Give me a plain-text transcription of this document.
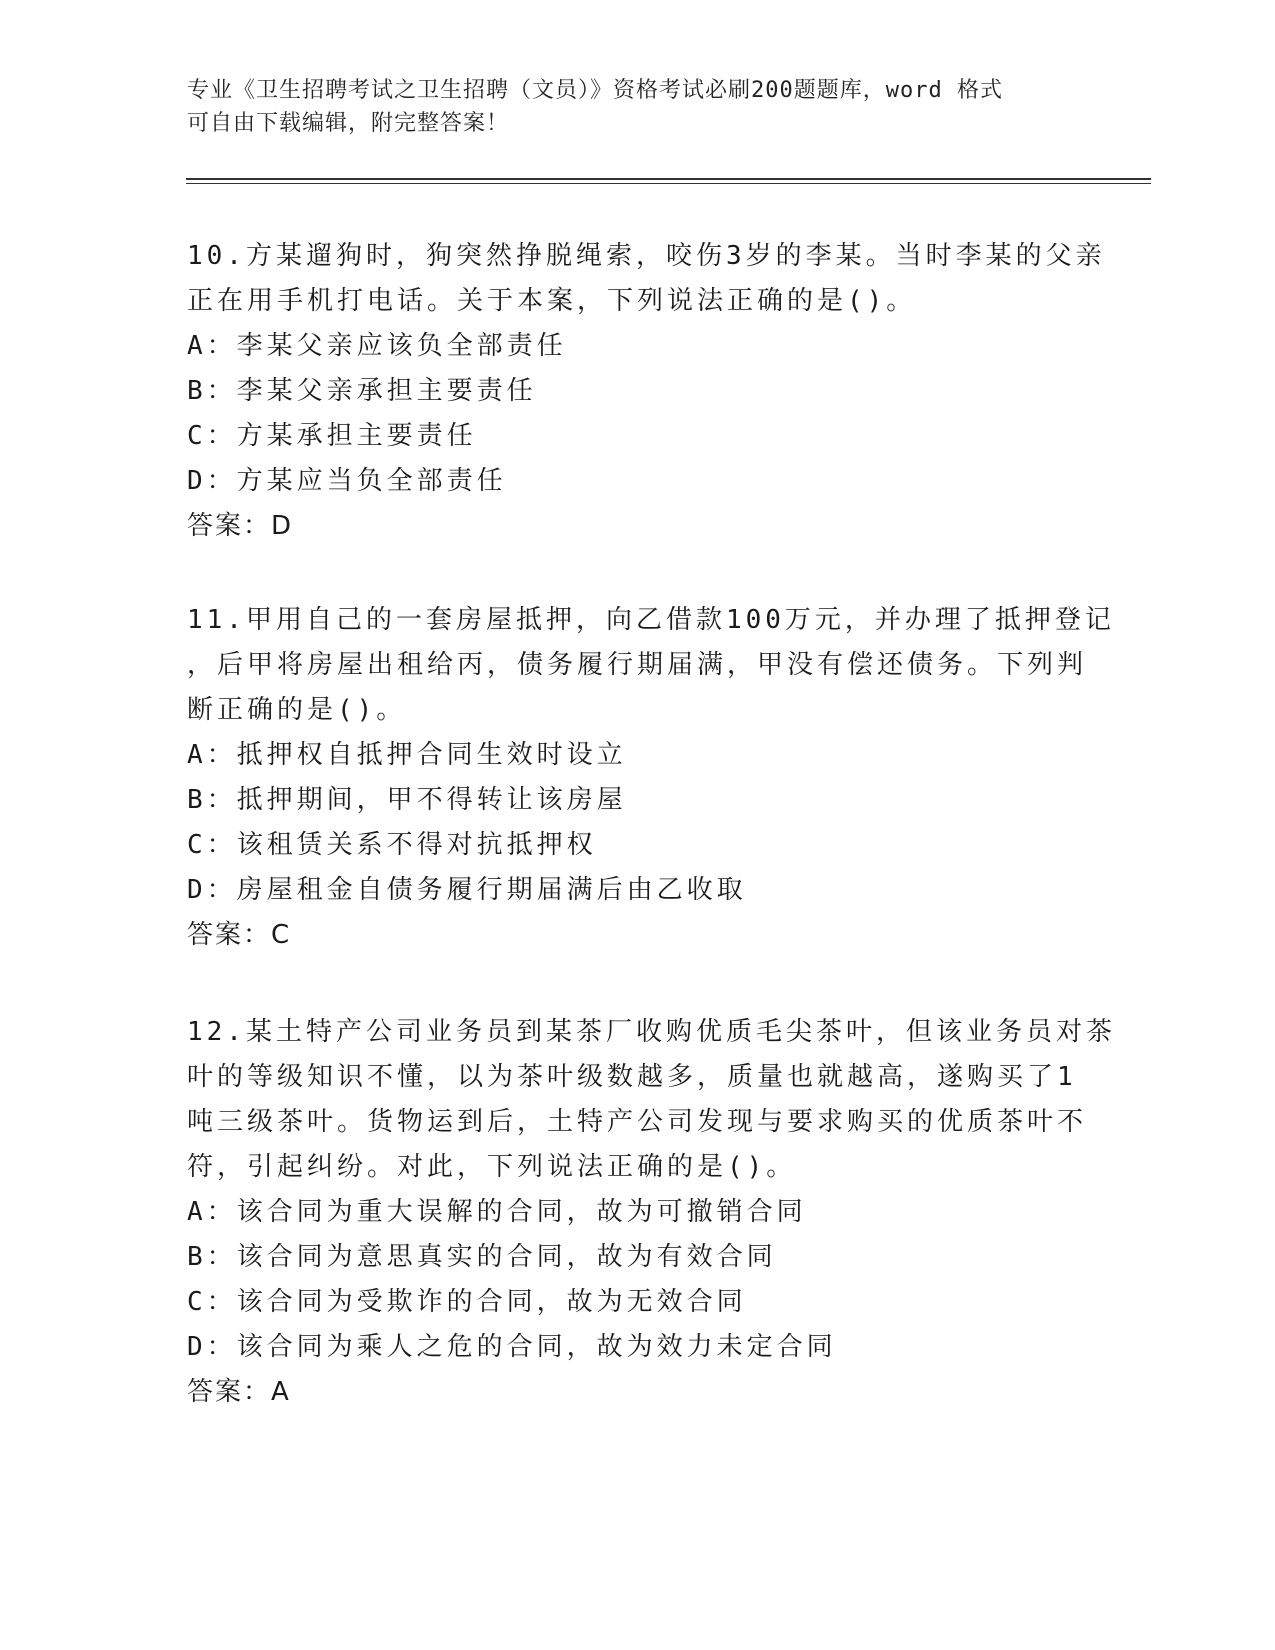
专业《卫生招聘考试之卫生招聘（文员）》资格考试必刷200题题库，word 格式
可自由下载编辑，附完整答案！
10.方某遛狗时，狗突然挣脱绳索，咬伤3岁的李某。当时李某的父亲
正在用手机打电话。关于本案，下列说法正确的是()。
A：李某父亲应该负全部责任
B：李某父亲承担主要责任
C：方某承担主要责任
D：方某应当负全部责任
答案：D
11.甲用自己的一套房屋抵押，向乙借款100万元，并办理了抵押登记
，后甲将房屋出租给丙，债务履行期届满，甲没有偿还债务。下列判
断正确的是()。
A：抵押权自抵押合同生效时设立
B：抵押期间，甲不得转让该房屋
C：该租赁关系不得对抗抵押权
D：房屋租金自债务履行期届满后由乙收取
答案：C
12.某土特产公司业务员到某茶厂收购优质毛尖茶叶，但该业务员对茶
叶的等级知识不懂，以为茶叶级数越多，质量也就越高，遂购买了1
吨三级茶叶。货物运到后，土特产公司发现与要求购买的优质茶叶不
符，引起纠纷。对此，下列说法正确的是()。
A：该合同为重大误解的合同，故为可撤销合同
B：该合同为意思真实的合同，故为有效合同
C：该合同为受欺诈的合同，故为无效合同
D：该合同为乘人之危的合同，故为效力未定合同
答案：A
